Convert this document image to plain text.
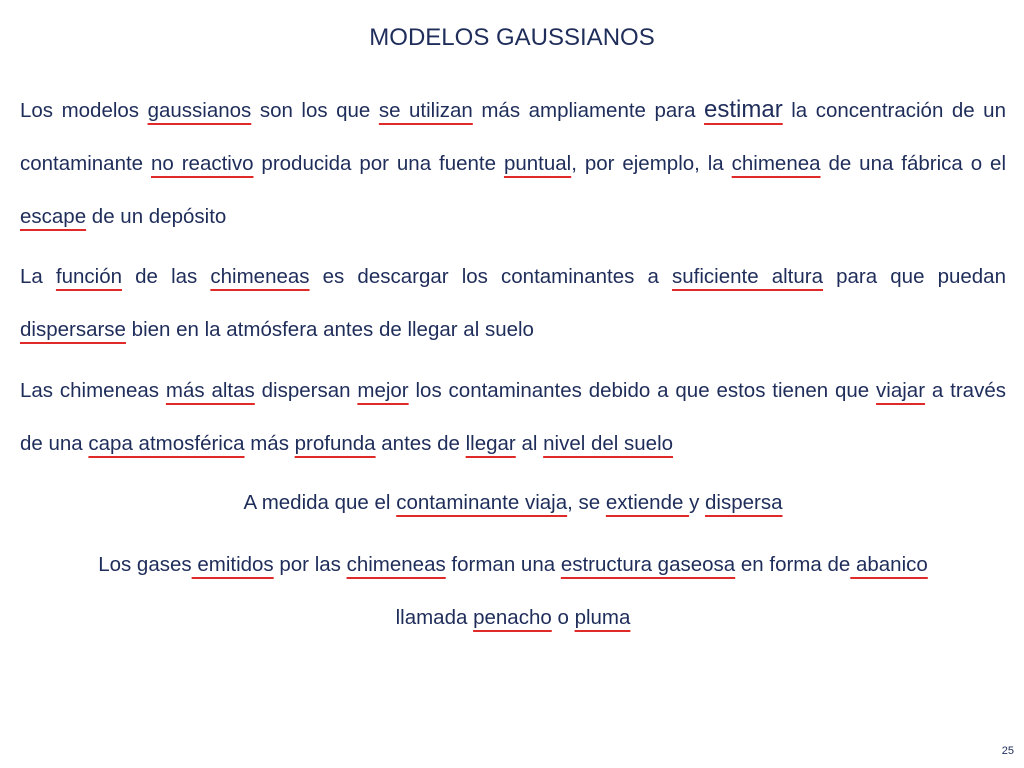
MODELOS GAUSSIANOS
Los modelos gaussianos son los que se utilizan más ampliamente para estimar la concentración de un contaminante no reactivo producida por una fuente puntual, por ejemplo, la chimenea de una fábrica o el escape de un depósito
La función de las chimeneas es descargar los contaminantes a suficiente altura para que puedan dispersarse bien en la atmósfera antes de llegar al suelo
Las chimeneas más altas dispersan mejor los contaminantes debido a que estos tienen que viajar a través de una capa atmosférica más profunda antes de llegar al nivel del suelo
A medida que el contaminante viaja, se extiende y dispersa
Los gases emitidos por las chimeneas forman una estructura gaseosa en forma de abanico
llamada penacho o pluma
25
